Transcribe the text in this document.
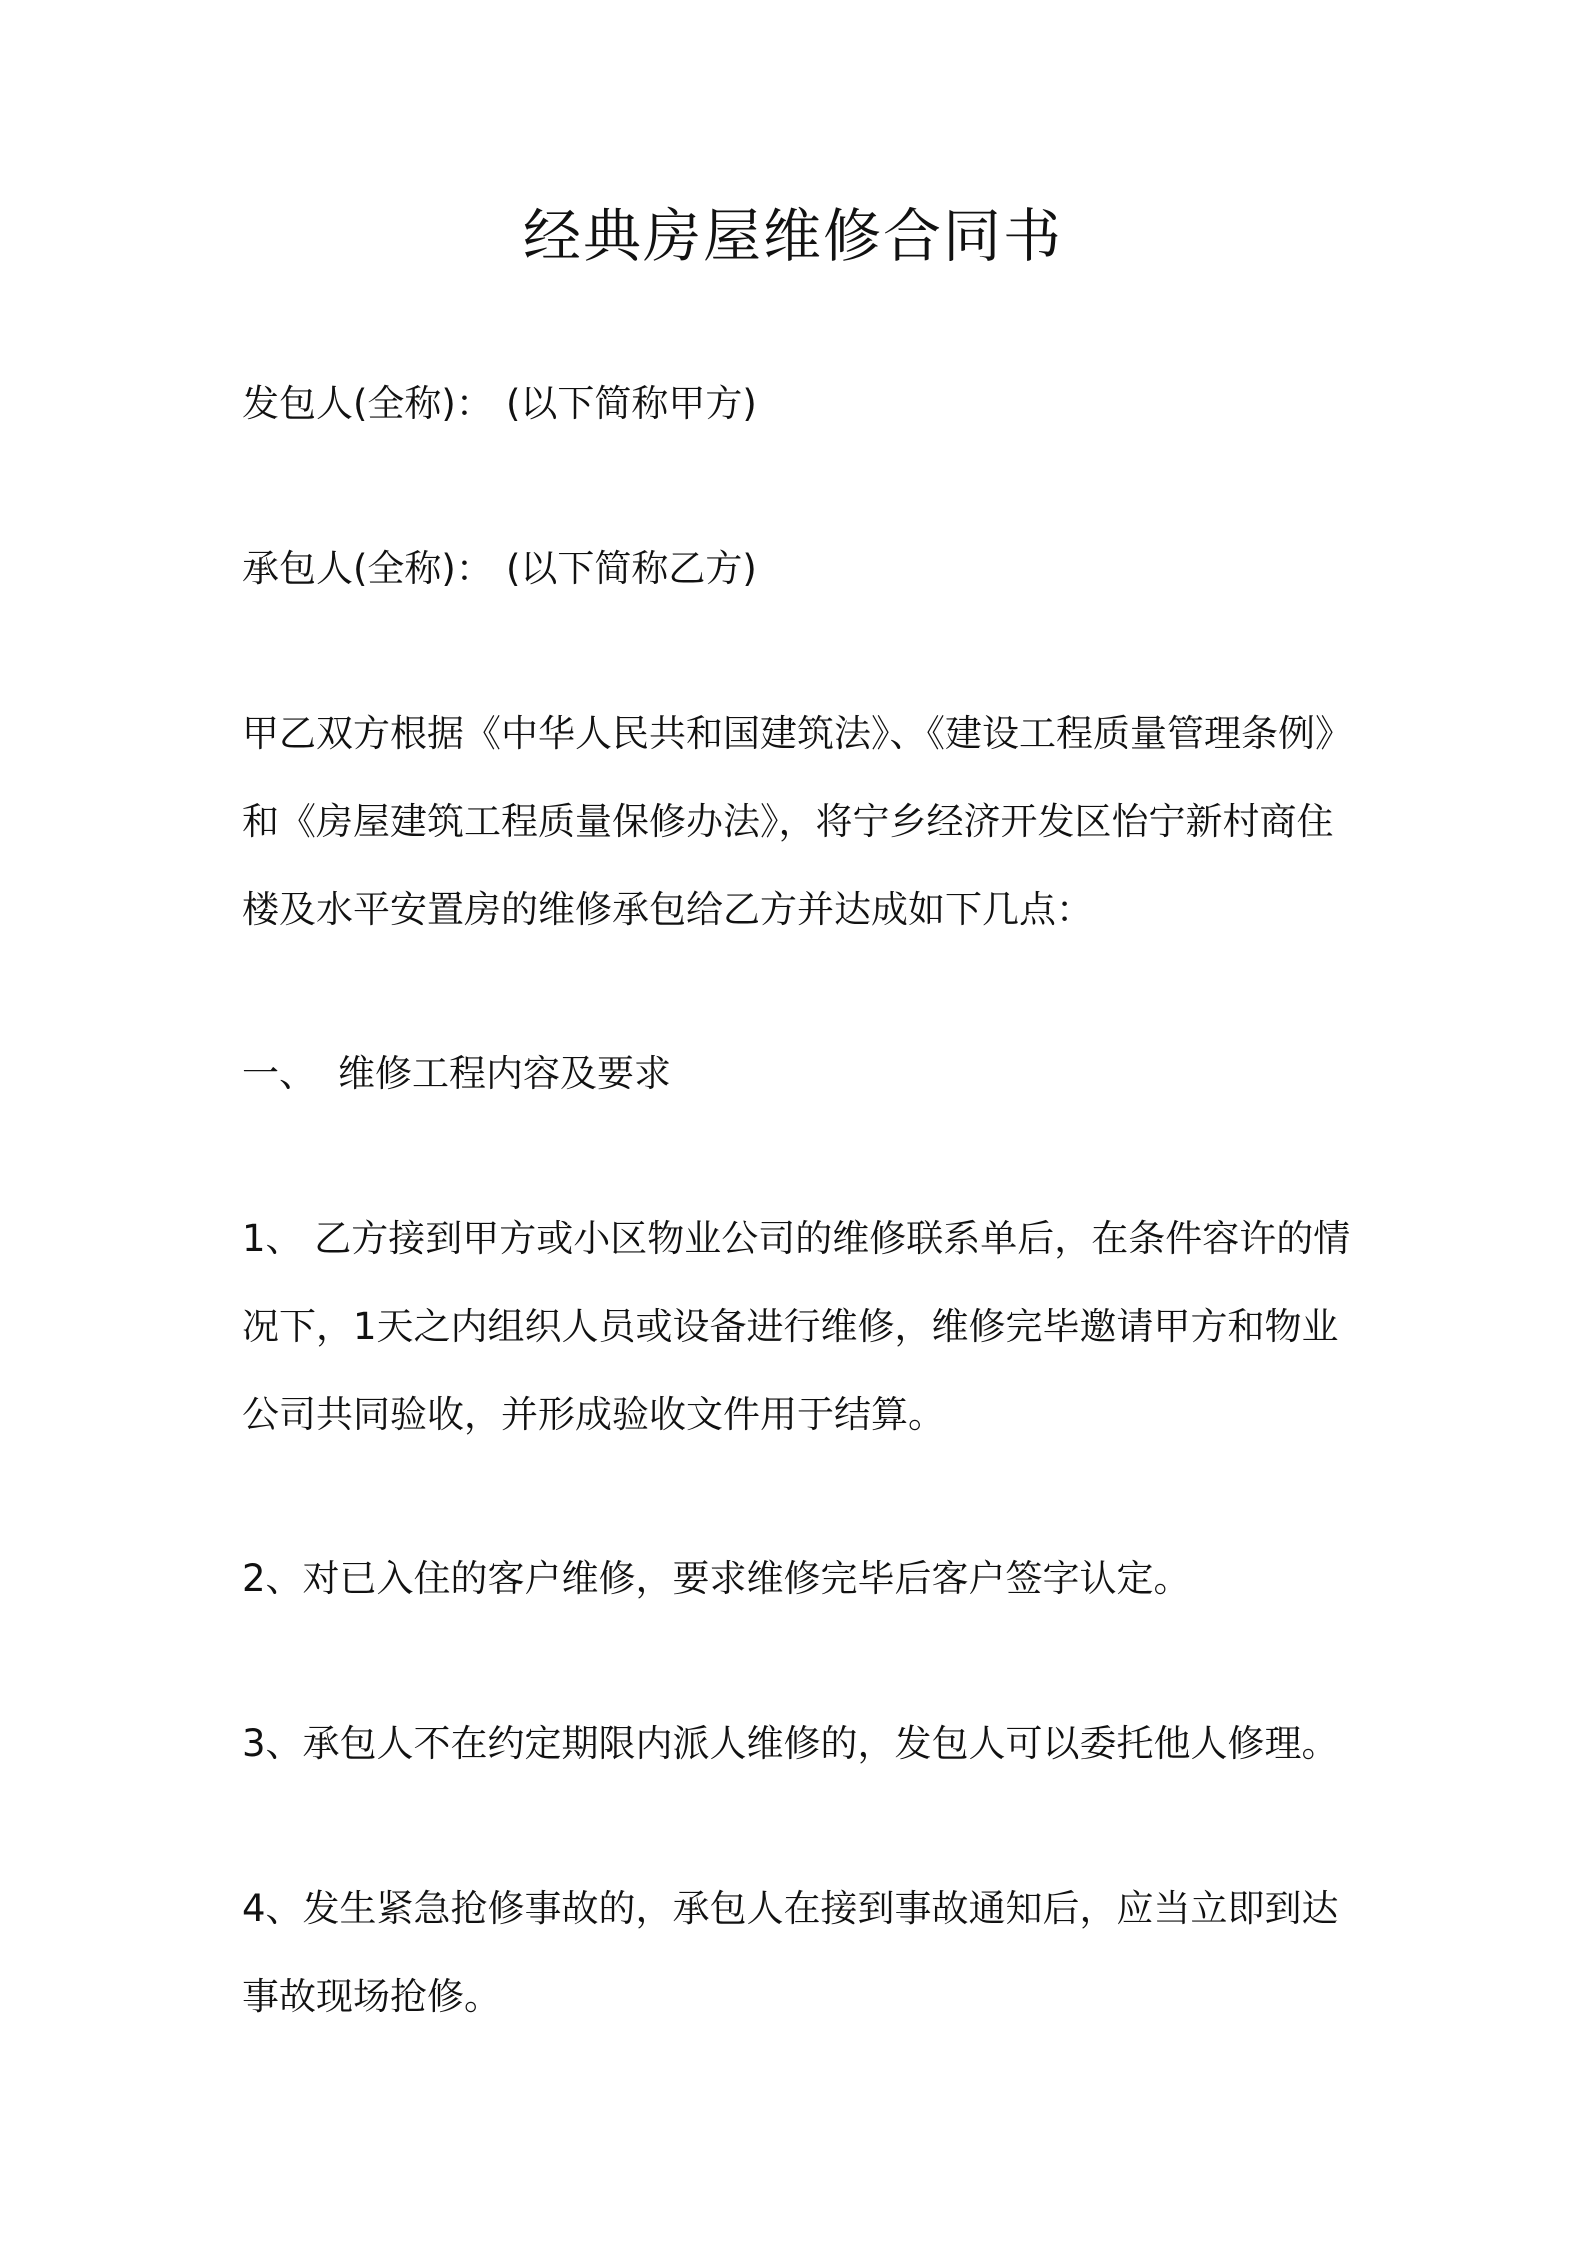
经典房屋维修合同书

发包人(全称)： (以下简称甲方)

承包人(全称)： (以下简称乙方)

甲乙双方根据《中华人民共和国建筑法》、《建设工程质量管理条例》
和《房屋建筑工程质量保修办法》，将宁乡经济开发区怡宁新村商住
楼及水平安置房的维修承包给乙方并达成如下几点：

一、 维修工程内容及要求

1、 乙方接到甲方或小区物业公司的维修联系单后，在条件容许的情
况下，1天之内组织人员或设备进行维修，维修完毕邀请甲方和物业
公司共同验收，并形成验收文件用于结算。

2、对已入住的客户维修，要求维修完毕后客户签字认定。

3、承包人不在约定期限内派人维修的，发包人可以委托他人修理。

4、发生紧急抢修事故的，承包人在接到事故通知后，应当立即到达
事故现场抢修。
